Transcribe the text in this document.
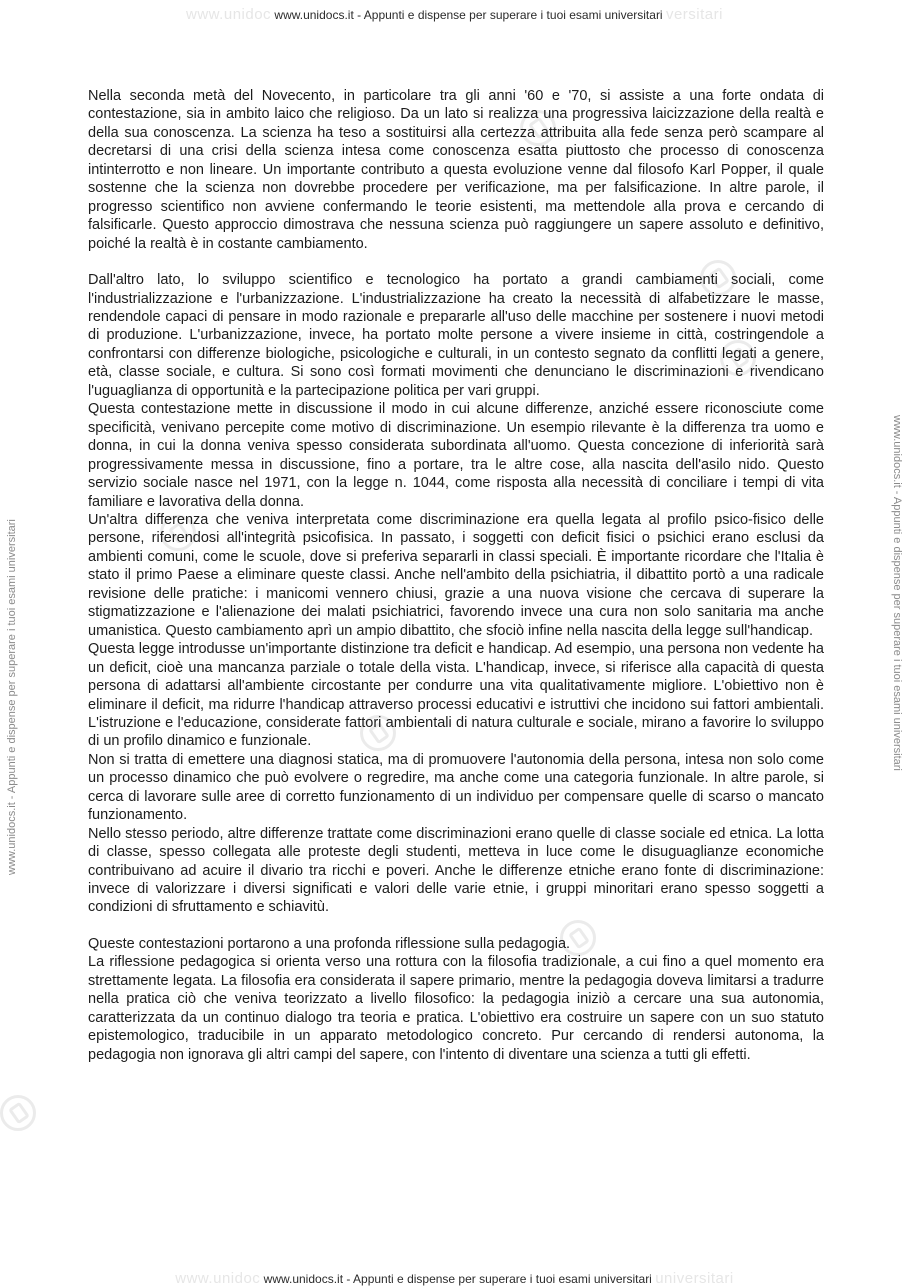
www.unidoc www.unidocs.it - Appunti e dispense per superare i tuoi esami universitari versitari
www.unidocs.it - Appunti e dispense per superare i tuoi esami universitari	www.unidocs.it - Appunti e dispense per superare i tuoi esami universitari

Nella seconda metà del Novecento, in particolare tra gli anni '60 e '70, si assiste a una forte ondata di contestazione, sia in ambito laico che religioso. Da un lato si realizza una progressiva laicizzazione della realtà e della sua conoscenza. La scienza ha teso a sostituirsi alla certezza attribuita alla fede senza però scampare al decretarsi di una crisi della scienza intesa come conoscenza esatta piuttosto che processo di conoscenza intinterrotto e non lineare. Un importante contributo a questa evoluzione venne dal filosofo Karl Popper, il quale sostenne che la scienza non dovrebbe procedere per verificazione, ma per falsificazione. In altre parole, il progresso scientifico non avviene confermando le teorie esistenti, ma mettendole alla prova e cercando di falsificarle. Questo approccio dimostrava che nessuna scienza può raggiungere un sapere assoluto e definitivo, poiché la realtà è in costante cambiamento.

Dall'altro lato, lo sviluppo scientifico e tecnologico ha portato a grandi cambiamenti sociali, come l'industrializzazione e l'urbanizzazione. L'industrializzazione ha creato la necessità di alfabetizzare le masse, rendendole capaci di pensare in modo razionale e prepararle all'uso delle macchine per sostenere i nuovi metodi di produzione. L'urbanizzazione, invece, ha portato molte persone a vivere insieme in città, costringendole a confrontarsi con differenze biologiche, psicologiche e culturali, in un contesto segnato da conflitti legati a genere, età, classe sociale, e cultura. Si sono così formati movimenti che denunciano le discriminazioni e rivendicano l'uguaglianza di opportunità e la partecipazione politica per vari gruppi.

Questa contestazione mette in discussione il modo in cui alcune differenze, anziché essere riconosciute come specificità, venivano percepite come motivo di discriminazione. Un esempio rilevante è la differenza tra uomo e donna, in cui la donna veniva spesso considerata subordinata all'uomo. Questa concezione di inferiorità sarà progressivamente messa in discussione, fino a portare, tra le altre cose, alla nascita dell'asilo nido. Questo servizio sociale nasce nel 1971, con la legge n. 1044, come risposta alla necessità di conciliare i tempi di vita familiare e lavorativa della donna.

Un'altra differenza che veniva interpretata come discriminazione era quella legata al profilo psico-fisico delle persone, riferendosi all'integrità psicofisica. In passato, i soggetti con deficit fisici o psichici erano esclusi da ambienti comuni, come le scuole, dove si preferiva separarli in classi speciali. È importante ricordare che l'Italia è stato il primo Paese a eliminare queste classi. Anche nell'ambito della psichiatria, il dibattito portò a una radicale revisione delle pratiche: i manicomi vennero chiusi, grazie a una nuova visione che cercava di superare la stigmatizzazione e l'alienazione dei malati psichiatrici, favorendo invece una cura non solo sanitaria ma anche umanistica. Questo cambiamento aprì un ampio dibattito, che sfociò infine nella nascita della legge sull'handicap.

Questa legge introdusse un'importante distinzione tra deficit e handicap. Ad esempio, una persona non vedente ha un deficit, cioè una mancanza parziale o totale della vista. L'handicap, invece, si riferisce alla capacità di questa persona di adattarsi all'ambiente circostante per condurre una vita qualitativamente migliore. L'obiettivo non è eliminare il deficit, ma ridurre l'handicap attraverso processi educativi e istruttivi che incidono sui fattori ambientali. L'istruzione e l'educazione, considerate fattori ambientali di natura culturale e sociale, mirano a favorire lo sviluppo di un profilo dinamico e funzionale.

Non si tratta di emettere una diagnosi statica, ma di promuovere l'autonomia della persona, intesa non solo come un processo dinamico che può evolvere o regredire, ma anche come una categoria funzionale. In altre parole, si cerca di lavorare sulle aree di corretto funzionamento di un individuo per compensare quelle di scarso o mancato funzionamento.

Nello stesso periodo, altre differenze trattate come discriminazioni erano quelle di classe sociale ed etnica. La lotta di classe, spesso collegata alle proteste degli studenti, metteva in luce come le disuguaglianze economiche contribuivano ad acuire il divario tra ricchi e poveri. Anche le differenze etniche erano fonte di discriminazione: invece di valorizzare i diversi significati e valori delle varie etnie, i gruppi minoritari erano spesso soggetti a condizioni di sfruttamento e schiavitù.

Queste contestazioni portarono a una profonda riflessione sulla pedagogia.

La riflessione pedagogica si orienta verso una rottura con la filosofia tradizionale, a cui fino a quel momento era strettamente legata. La filosofia era considerata il sapere primario, mentre la pedagogia doveva limitarsi a tradurre nella pratica ciò che veniva teorizzato a livello filosofico: la pedagogia iniziò a cercare una sua autonomia, caratterizzata da un continuo dialogo tra teoria e pratica. L'obiettivo era costruire un sapere con un suo statuto epistemologico, traducibile in un apparato metodologico concreto. Pur cercando di rendersi autonoma, la pedagogia non ignorava gli altri campi del sapere, con l'intento di diventare una scienza a tutti gli effetti.

www.unidoc www.unidocs.it - Appunti e dispense per superare i tuoi esami universitari universitari
